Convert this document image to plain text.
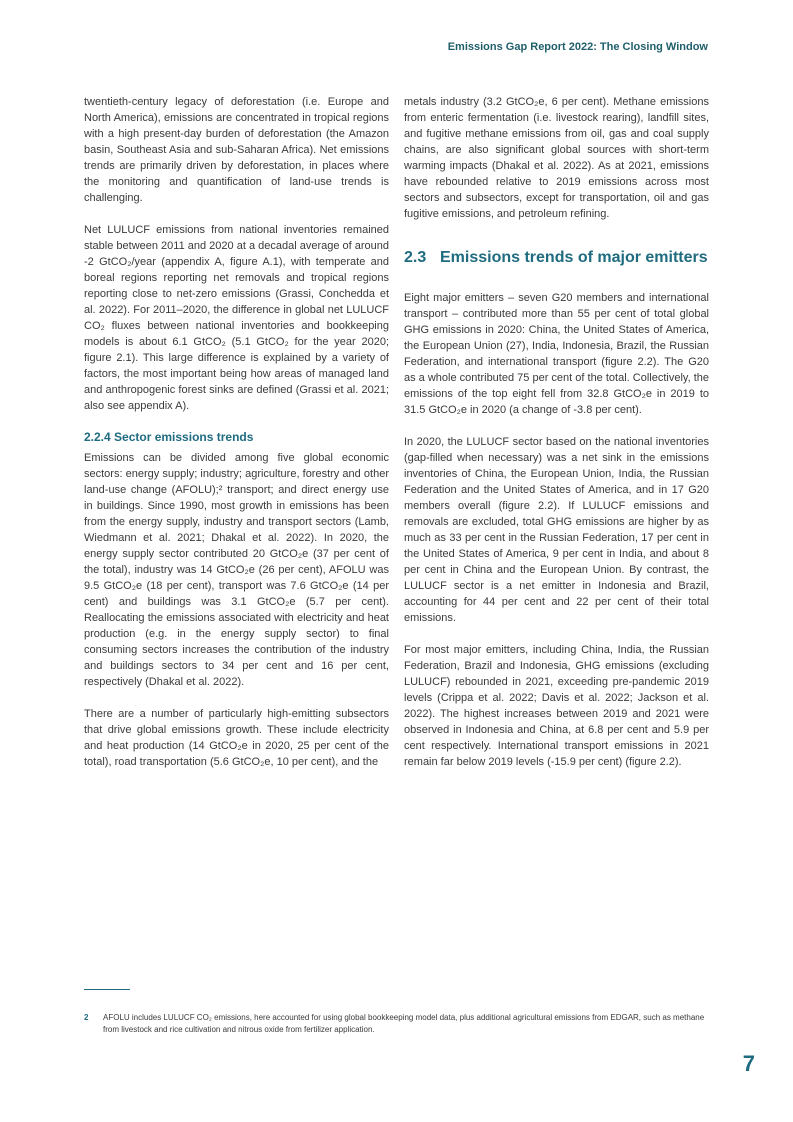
Emissions Gap Report 2022: The Closing Window

twentieth-century legacy of deforestation (i.e. Europe and North America), emissions are concentrated in tropical regions with a high present-day burden of deforestation (the Amazon basin, Southeast Asia and sub-Saharan Africa). Net emissions trends are primarily driven by deforestation, in places where the monitoring and quantification of land-use trends is challenging.

Net LULUCF emissions from national inventories remained stable between 2011 and 2020 at a decadal average of around -2 GtCO₂/year (appendix A, figure A.1), with temperate and boreal regions reporting net removals and tropical regions reporting close to net-zero emissions (Grassi, Conchedda et al. 2022). For 2011–2020, the difference in global net LULUCF CO₂ fluxes between national inventories and bookkeeping models is about 6.1 GtCO₂ (5.1 GtCO₂ for the year 2020; figure 2.1). This large difference is explained by a variety of factors, the most important being how areas of managed land and anthropogenic forest sinks are defined (Grassi et al. 2021; also see appendix A).

2.2.4 Sector emissions trends

Emissions can be divided among five global economic sectors: energy supply; industry; agriculture, forestry and other land-use change (AFOLU);² transport; and direct energy use in buildings. Since 1990, most growth in emissions has been from the energy supply, industry and transport sectors (Lamb, Wiedmann et al. 2021; Dhakal et al. 2022). In 2020, the energy supply sector contributed 20 GtCO₂e (37 per cent of the total), industry was 14 GtCO₂e (26 per cent), AFOLU was 9.5 GtCO₂e (18 per cent), transport was 7.6 GtCO₂e (14 per cent) and buildings was 3.1 GtCO₂e (5.7 per cent). Reallocating the emissions associated with electricity and heat production (e.g. in the energy supply sector) to final consuming sectors increases the contribution of the industry and buildings sectors to 34 per cent and 16 per cent, respectively (Dhakal et al. 2022).

There are a number of particularly high-emitting subsectors that drive global emissions growth. These include electricity and heat production (14 GtCO₂e in 2020, 25 per cent of the total), road transportation (5.6 GtCO₂e, 10 per cent), and the

metals industry (3.2 GtCO₂e, 6 per cent). Methane emissions from enteric fermentation (i.e. livestock rearing), landfill sites, and fugitive methane emissions from oil, gas and coal supply chains, are also significant global sources with short-term warming impacts (Dhakal et al. 2022). As at 2021, emissions have rebounded relative to 2019 emissions across most sectors and subsectors, except for transportation, oil and gas fugitive emissions, and petroleum refining.

2.3 Emissions trends of major emitters

Eight major emitters – seven G20 members and international transport – contributed more than 55 per cent of total global GHG emissions in 2020: China, the United States of America, the European Union (27), India, Indonesia, Brazil, the Russian Federation, and international transport (figure 2.2). The G20 as a whole contributed 75 per cent of the total. Collectively, the emissions of the top eight fell from 32.8 GtCO₂e in 2019 to 31.5 GtCO₂e in 2020 (a change of -3.8 per cent).

In 2020, the LULUCF sector based on the national inventories (gap-filled when necessary) was a net sink in the emissions inventories of China, the European Union, India, the Russian Federation and the United States of America, and in 17 G20 members overall (figure 2.2). If LULUCF emissions and removals are excluded, total GHG emissions are higher by as much as 33 per cent in the Russian Federation, 17 per cent in the United States of America, 9 per cent in India, and about 8 per cent in China and the European Union. By contrast, the LULUCF sector is a net emitter in Indonesia and Brazil, accounting for 44 per cent and 22 per cent of their total emissions.

For most major emitters, including China, India, the Russian Federation, Brazil and Indonesia, GHG emissions (excluding LULUCF) rebounded in 2021, exceeding pre-pandemic 2019 levels (Crippa et al. 2022; Davis et al. 2022; Jackson et al. 2022). The highest increases between 2019 and 2021 were observed in Indonesia and China, at 6.8 per cent and 5.9 per cent respectively. International transport emissions in 2021 remain far below 2019 levels (-15.9 per cent) (figure 2.2).

2 AFOLU includes LULUCF CO₂ emissions, here accounted for using global bookkeeping model data, plus additional agricultural emissions from EDGAR, such as methane from livestock and rice cultivation and nitrous oxide from fertilizer application.
7
